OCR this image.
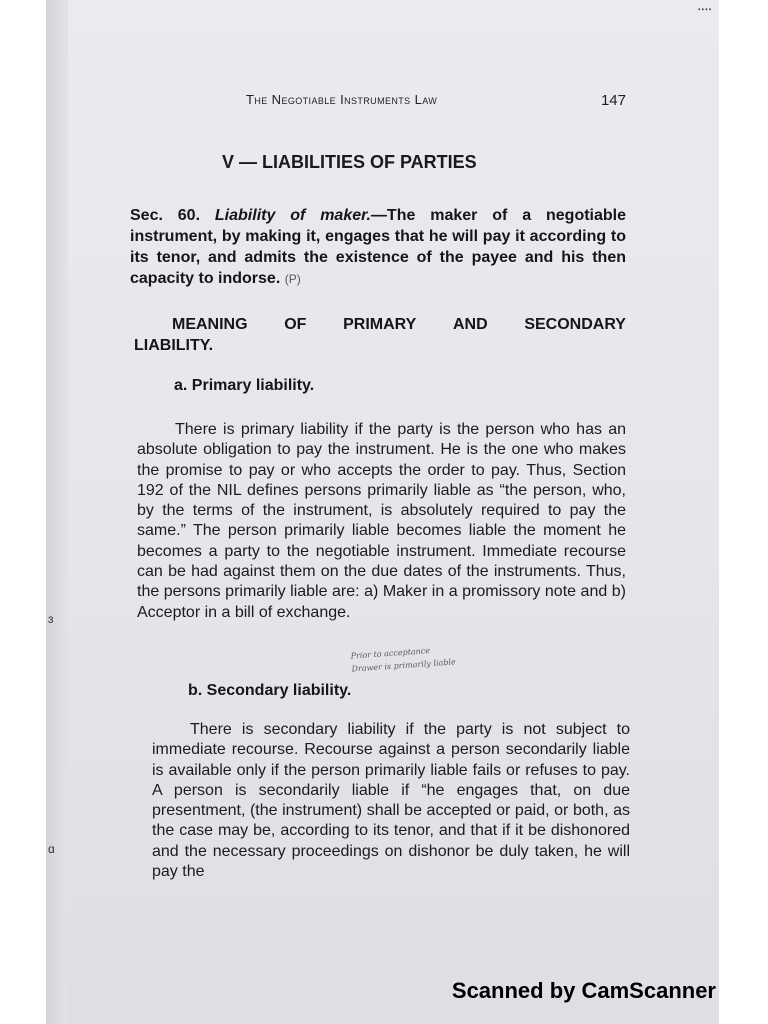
ɜ
ɑ
᠁
The Negotiable Instruments Law	147
V — LIABILITIES OF PARTIES
Sec. 60. Liability of maker.—The maker of a negotiable instrument, by making it, engages that he will pay it according to its tenor, and admits the existence of the payee and his then capacity to indorse. (P)
MEANING OF PRIMARY AND SECONDARY
LIABILITY.
a. Primary liability.
There is primary liability if the party is the person who has an absolute obligation to pay the instrument. He is the one who makes the promise to pay or who accepts the order to pay. Thus, Section 192 of the NIL defines persons primarily liable as “the person, who, by the terms of the instrument, is absolutely required to pay the same.” The person primarily liable becomes liable the moment he becomes a party to the negotiable instrument. Immediate recourse can be had against them on the due dates of the instruments. Thus, the persons primarily liable are: a) Maker in a promissory note and b) Acceptor in a bill of exchange.
Prior to acceptance
Drawer is primarily liable
b. Secondary liability.
There is secondary liability if the party is not subject to immediate recourse. Recourse against a person secondarily liable is available only if the person primarily liable fails or refuses to pay. A person is secondarily liable if “he engages that, on due presentment, (the instrument) shall be accepted or paid, or both, as the case may be, according to its tenor, and that if it be dishonored and the necessary proceedings on dishonor be duly taken, he will pay the
Scanned by CamScanner
